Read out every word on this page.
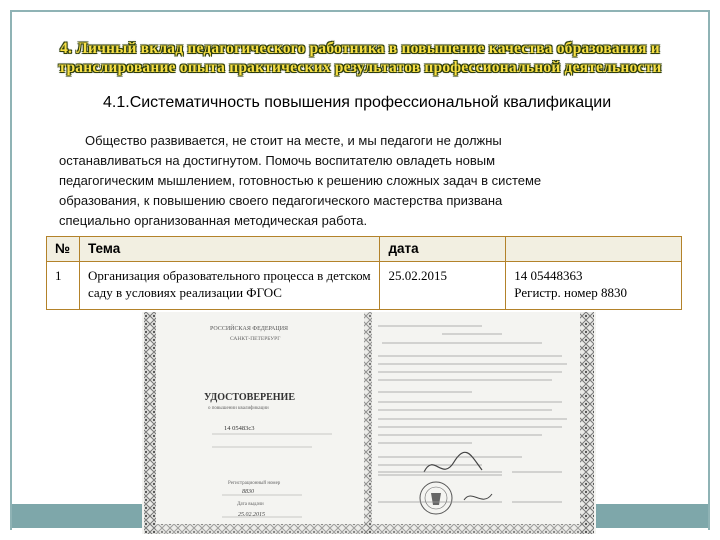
4. Личный вклад педагогического работника в повышение качества образования и
транслирование опыта практических результатов профессиональной деятельности
4.1.Систематичность повышения профессиональной квалификации
Общество развивается, не стоит на месте, и мы педагоги не должны останавливаться на достигнутом. Помочь воспитателю овладеть новым педагогическим мышлением, готовностью к решению сложных задач в системе образования, к повышению своего педагогического мастерства призвана специально организованная методическая работа.
№	Тема	дата	
1	Организация образовательного процесса в детском саду в условиях реализации ФГОС	25.02.2015	14 05448363
Регистр. номер 8830
РОССИЙСКАЯ ФЕДЕРАЦИЯ
САНКТ-ПЕТЕРБУРГ
УДОСТОВЕРЕНИЕ
о повышении квалификации
14 05483с3
Регистрационный номер
8830
Дата выдачи
25.02.2015
